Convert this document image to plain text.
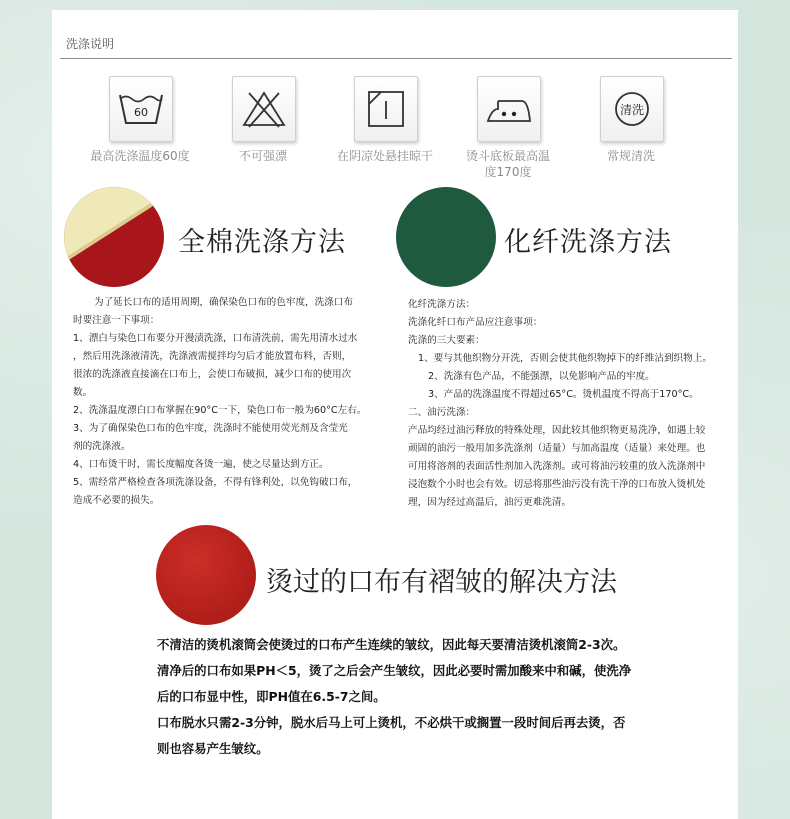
洗涤说明
60
最高洗涤温度60度	不可强漂	在阴凉处悬挂晾干	烫斗底板最高温度170度
清洗
常规清洗
全棉洗涤方法

为了延长口布的适用周期，确保染色口布的色牢度，洗涤口布

时要注意一下事项：

1、漂白与染色口布要分开漫渍洗涤，口布清洗前，需先用清水过水

，然后用洗涤液清洗，洗涤液需搅拌均匀后才能放置布料，否则，

很浓的洗涤液直接滴在口布上，会使口布破损，减少口布的使用次

数。

2、洗涤温度漂白口布掌握在90°C一下，染色口布一般为60°C左右。

3、为了确保染色口布的色牢度，洗涤时不能使用荧光剂及含莹光

剂的洗涤液。

4、口布烫干时，需长度幅度各烫一遍，使之尽量达到方正。

5、需经常严格检查各项洗涤设备，不得有锋利处，以免钩破口布，

造成不必要的损失。

化纤洗涤方法

化纤洗涤方法：

洗涤化纤口布产品应注意事项：

洗涤的三大要素：

1、要与其他织物分开洗，否则会使其他织物掉下的纤维沾到织物上。

2、洗涤有色产品，不能强漂，以免影响产品的牢度。

3、产品的洗涤温度不得超过65°C。烫机温度不得高于170°C。

二、油污洗涤：

产品均经过油污释放的特殊处理，因此较其他织物更易洗净，如遇上较

顽固的油污一般用加多洗涤剂（适量）与加高温度（适量）来处理。也

可用将溶剂的表面活性剂加入洗涤剂。或可将油污较重的放入洗涤剂中

浸泡数个小时也会有效。切忌将那些油污没有洗干净的口布放入烫机处

理，因为经过高温后，油污更难洗清。

烫过的口布有褶皱的解决方法

不清洁的烫机滚筒会使烫过的口布产生连续的皱纹，因此每天要清洁烫机滚筒2-3次。

清净后的口布如果PH＜5，烫了之后会产生皱纹，因此必要时需加酸来中和碱，使洗净

后的口布显中性，即PH值在6.5-7之间。

口布脱水只需2-3分钟，脱水后马上可上烫机，不必烘干或搁置一段时间后再去烫，否

则也容易产生皱纹。
